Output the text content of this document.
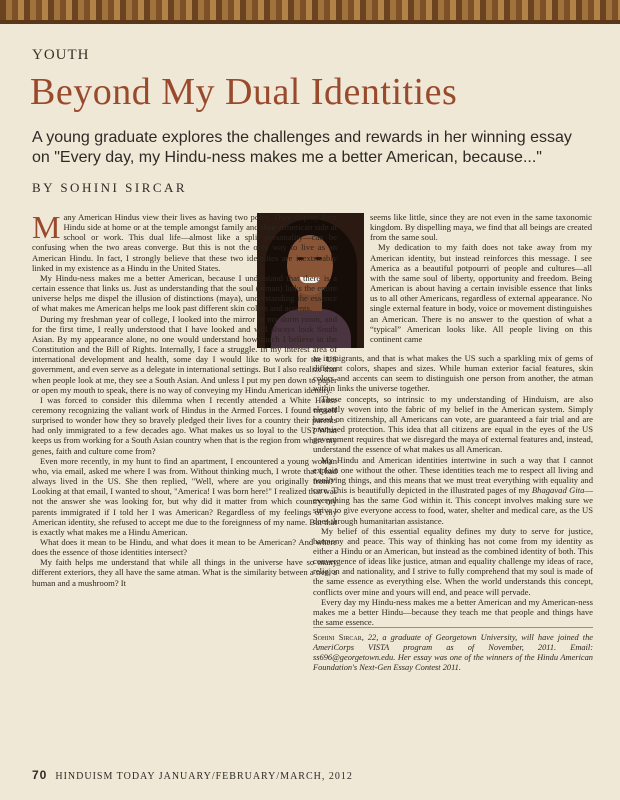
YOUTH
Beyond My Dual Identities
A young graduate explores the challenges and rewards in her winning essay on "Every day, my Hindu-ness makes me a better American, because..."
BY SOHINI SIRCAR

Many American Hindus view their lives as having two poles. They display their Hindu side at home or at the temple amongst family and their American side at school or work. This dual life—almost like a split personality—can be confusing when the two areas converge. But this is not the only way to live as an American Hindu. In fact, I strongly believe that these two identities are inextricably linked in my existence as a Hindu in the United States.

My Hindu-ness makes me a better American, because I understand that there is a certain essence that links us. Just as understanding that the soul (atman) links the entire universe helps me dispel the illusion of distinctions (maya), understanding the essence of what makes me American helps me look past different skin colors and accents.

During my freshman year of college, I looked into the mirror in my dorm room, and for the first time, I really understood that I have looked and will always look South Asian. By my appearance alone, no one would understand how much I believe in the Constitution and the Bill of Rights. Internally, I face a struggle. In my interest area of international development and health, some day I would like to work for the US government, and even serve as a delegate in international settings. But I also realize that when people look at me, they see a South Asian. And unless I put my pen down to paper or open my mouth to speak, there is no way of conveying my Hindu American identity.

I was forced to consider this dilemma when I recently attended a White House ceremony recognizing the valiant work of Hindus in the Armed Forces. I found myself surprised to wonder how they so bravely pledged their lives for a country their parents had only immigrated to a few decades ago. What makes us so loyal to the US? What keeps us from working for a South Asian country when that is the region from where my genes, faith and culture come from?

Even more recently, in my hunt to find an apartment, I encountered a young woman who, via email, asked me where I was from. Without thinking much, I wrote that I had always lived in the US. She then replied, "Well, where are you originally from?" Looking at that email, I wanted to shout, "America! I was born here!" I realized that was not the answer she was looking for, but why did it matter from which country my parents immigrated if I told her I was American? Regardless of my feelings of my American identity, she refused to accept me due to the foreignness of my name. But that is exactly what makes me a Hindu American.

What does it mean to be Hindu, and what does it mean to be American? And where does the essence of those identities intersect?

My faith helps me understand that while all things in the universe have so many different exteriors, they all have the same atman. What is the similarity between a tree, a human and a mushroom? It

seems like little, since they are not even in the same taxonomic kingdom. By dispelling maya, we find that all beings are created from the same soul.

My dedication to my faith does not take away from my American identity, but instead reinforces this message. I see America as a beautiful potpourri of people and cultures—all with the same soul of liberty, opportunity and freedom. Being American is about having a certain invisible essence that links us to all other Americans, regardless of external appearance. No single external feature in body, voice or movement distinguishes an American. There is no answer to the question of what a “typical” American looks like. All people living on this continent came

as immigrants, and that is what makes the US such a sparkling mix of gems of different colors, shapes and sizes. While human exterior facial features, skin colors and accents can seem to distinguish one person from another, the atman within links the universe together.

These concepts, so intrinsic to my understanding of Hinduism, are also elegantly woven into the fabric of my belief in the American system. Simply based on citizenship, all Americans can vote, are guaranteed a fair trial and are promised protection. This idea that all citizens are equal in the eyes of the US government requires that we disregard the maya of external features and, instead, understand the essence of what makes us all American.

My Hindu and American identities intertwine in such a way that I cannot explain one without the other. These identities teach me to respect all living and nonliving things, and this means that we must treat everything with equality and care. This is beautifully depicted in the illustrated pages of my Bhagavad Gita—everything has the same God within it. This concept involves making sure we strive to give everyone access to food, water, shelter and medical care, as the US does through humanitarian assistance.

My belief of this essential equality defines my duty to serve for justice, harmony and peace. This way of thinking has not come from my identity as either a Hindu or an American, but instead as the combined identity of both. This convergence of ideas like justice, atman and equality challenge my ideas of race, religion and nationality, and I strive to fully comprehend that my soul is made of the same essence as everything else. When the world understands this concept, conflicts over mine and yours will end, and peace will pervade.

Every day my Hindu-ness makes me a better American and my American-ness makes me a better Hindu—because they teach me that people and things have the same essence.

Sohini Sircar, 22, a graduate of Georgetown University, will have joined the AmeriCorps VISTA program as of November, 2011. Email: ss696@georgetown.edu. Her essay was one of the winners of the Hindu American Foundation's Next-Gen Essay Contest 2011.

70 HINDUISM TODAY JANUARY/FEBRUARY/MARCH, 2012
